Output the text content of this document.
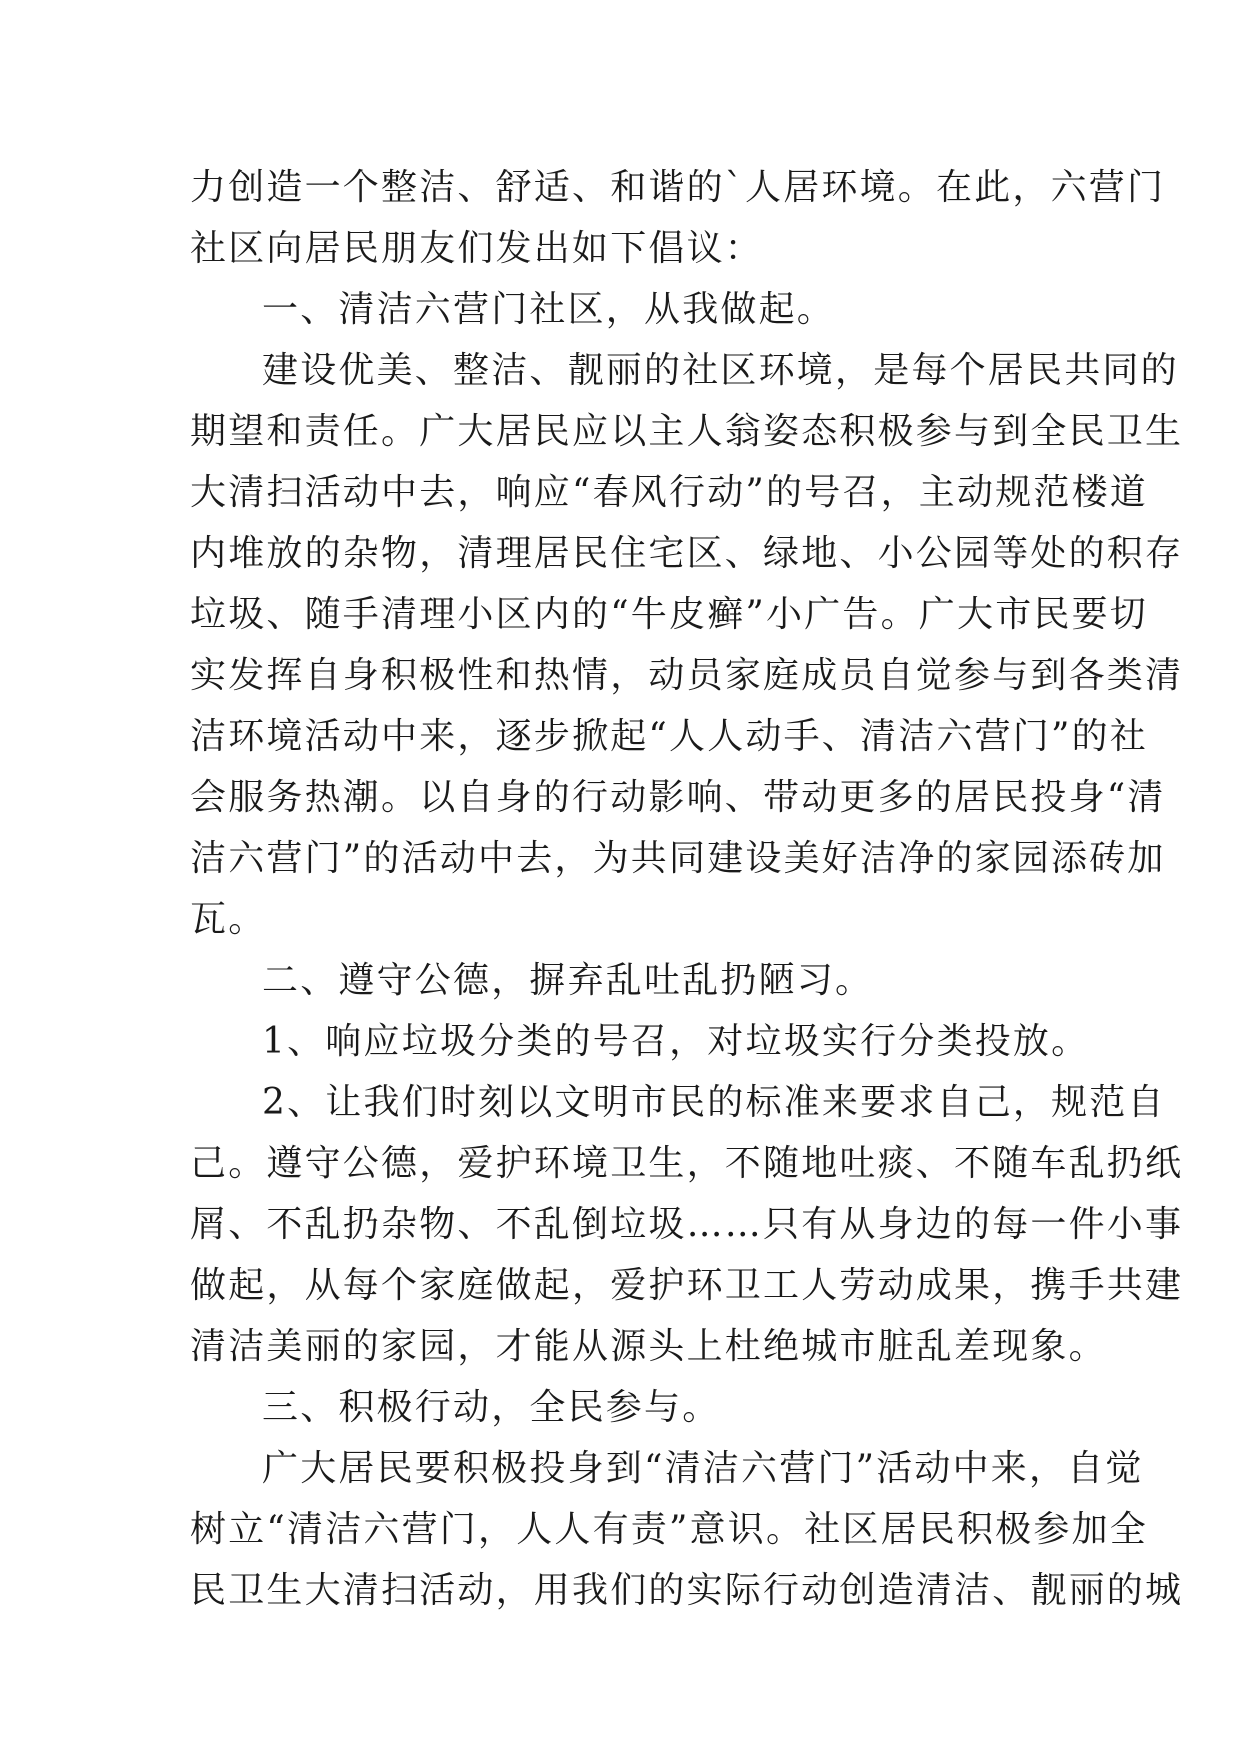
力创造一个整洁、舒适、和谐的`人居环境。在此，六营门
社区向居民朋友们发出如下倡议：
一、清洁六营门社区，从我做起。
建设优美、整洁、靓丽的社区环境，是每个居民共同的
期望和责任。广大居民应以主人翁姿态积极参与到全民卫生
大清扫活动中去，响应“春风行动”的号召，主动规范楼道
内堆放的杂物，清理居民住宅区、绿地、小公园等处的积存
垃圾、随手清理小区内的“牛皮癣”小广告。广大市民要切
实发挥自身积极性和热情，动员家庭成员自觉参与到各类清
洁环境活动中来，逐步掀起“人人动手、清洁六营门”的社
会服务热潮。以自身的行动影响、带动更多的居民投身“清
洁六营门”的活动中去，为共同建设美好洁净的家园添砖加
瓦。
二、遵守公德，摒弃乱吐乱扔陋习。
1、响应垃圾分类的号召，对垃圾实行分类投放。
2、让我们时刻以文明市民的标准来要求自己，规范自
己。遵守公德，爱护环境卫生，不随地吐痰、不随车乱扔纸
屑、不乱扔杂物、不乱倒垃圾……只有从身边的每一件小事
做起，从每个家庭做起，爱护环卫工人劳动成果，携手共建
清洁美丽的家园，才能从源头上杜绝城市脏乱差现象。
三、积极行动，全民参与。
广大居民要积极投身到“清洁六营门”活动中来，自觉
树立“清洁六营门，人人有责”意识。社区居民积极参加全
民卫生大清扫活动，用我们的实际行动创造清洁、靓丽的城
